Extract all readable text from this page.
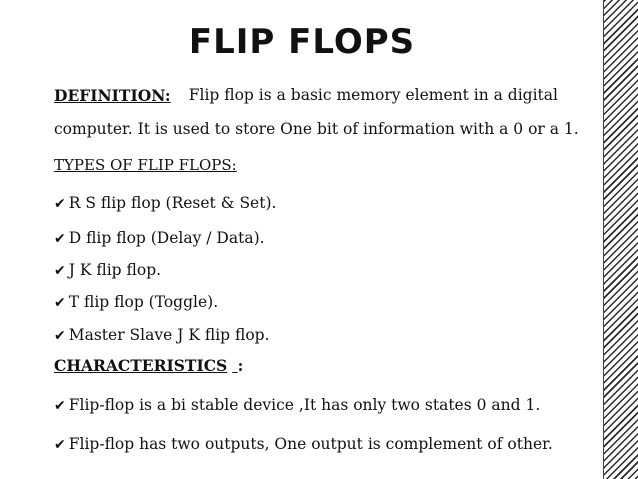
FLIP FLOPS
DEFINITION: Flip flop is a basic memory element in a digital
computer. It is used to store One bit of information with a 0 or a 1.
TYPES OF FLIP FLOPS:
✔ R S flip flop (Reset & Set).
✔ D flip flop (Delay / Data).
✔ J K flip flop.
✔ T flip flop (Toggle).
✔ Master Slave J K flip flop.
CHARACTERISTICS :
✔ Flip-flop is a bi stable device ,It has only two states 0 and 1.
✔ Flip-flop has two outputs, One output is complement of other.
